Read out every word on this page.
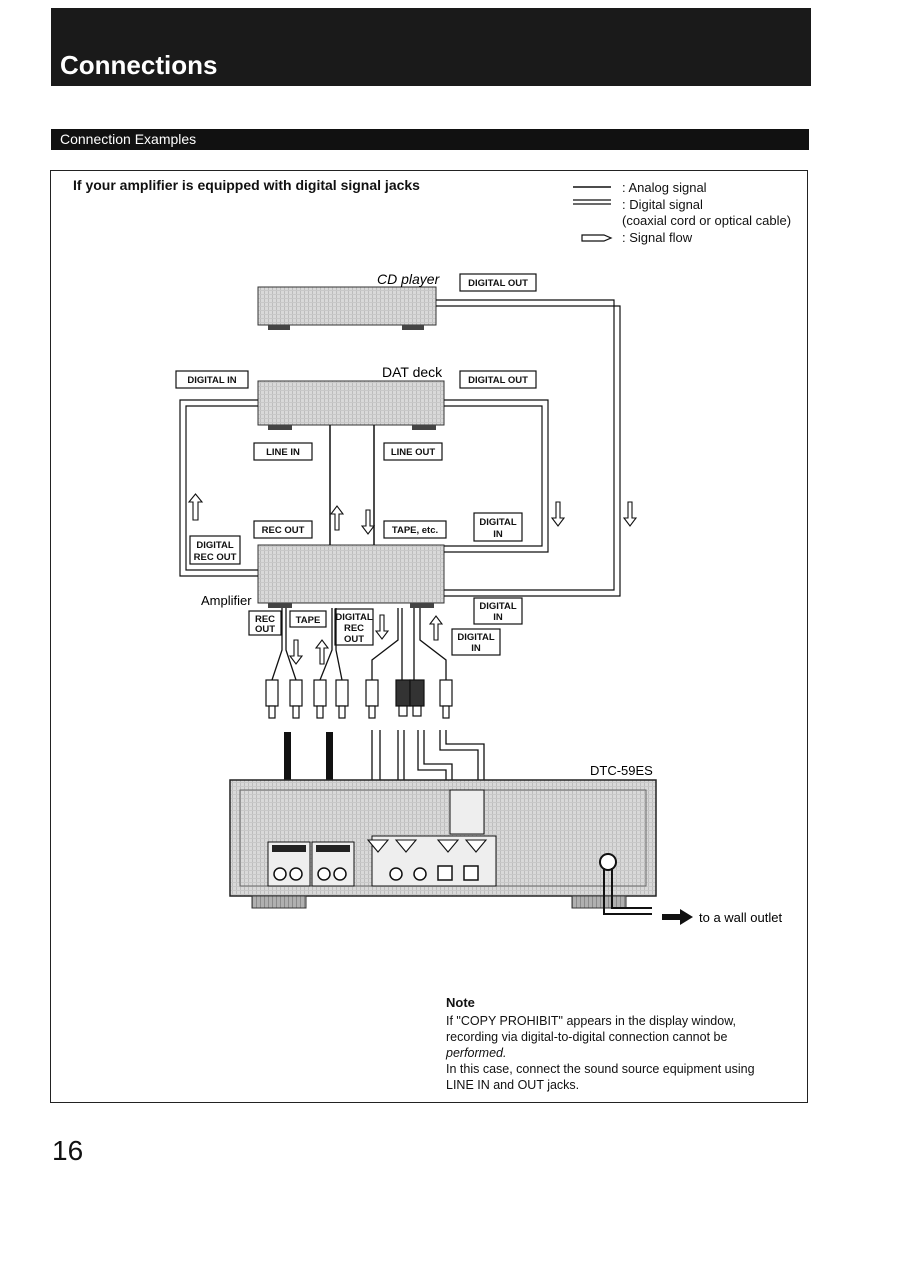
Connections
Connection Examples
If your amplifier is equipped with digital signal jacks	: Analog signal
: Digital signal
(coaxial cord or optical cable)
: Signal flow
CD player
DAT deck
Amplifier
DIGITAL OUT
DIGITAL IN	DIGITAL OUT
LINE IN	LINE OUT
REC OUT	TAPE, etc.
DIGITAL
IN
DIGITAL
REC OUT
REC
OUT
TAPE DIGITAL
REC
OUT
DIGITAL
IN
DIGITAL
IN
DTC-59ES
to a wall outlet
Note
If "COPY PROHIBIT" appears in the display window,
recording via digital-to-digital connection cannot be
performed.
In this case, connect the sound source equipment using
LINE IN and OUT jacks.
16
